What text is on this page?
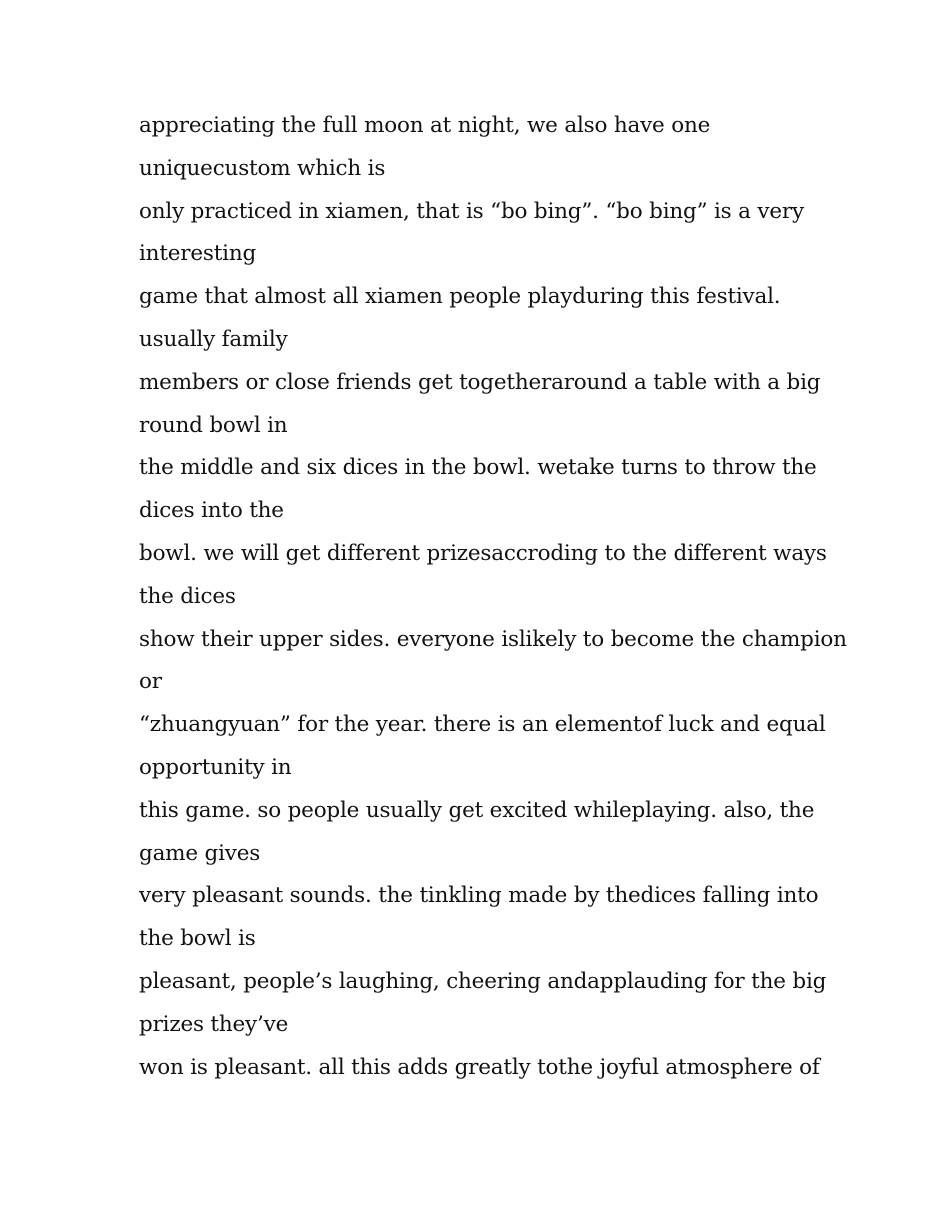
appreciating the full moon at night, we also have one
uniquecustom which is
only practiced in xiamen, that is “bo bing”. “bo bing” is a very
interesting
game that almost all xiamen people playduring this festival.
usually family
members or close friends get togetheraround a table with a big
round bowl in
the middle and six dices in the bowl. wetake turns to throw the
dices into the
bowl. we will get different prizesaccroding to the different ways
the dices
show their upper sides. everyone islikely to become the champion
or
“zhuangyuan” for the year. there is an elementof luck and equal
opportunity in
this game. so people usually get excited whileplaying. also, the
game gives
very pleasant sounds. the tinkling made by thedices falling into
the bowl is
pleasant, people’s laughing, cheering andapplauding for the big
prizes they’ve
won is pleasant. all this adds greatly tothe joyful atmosphere of
